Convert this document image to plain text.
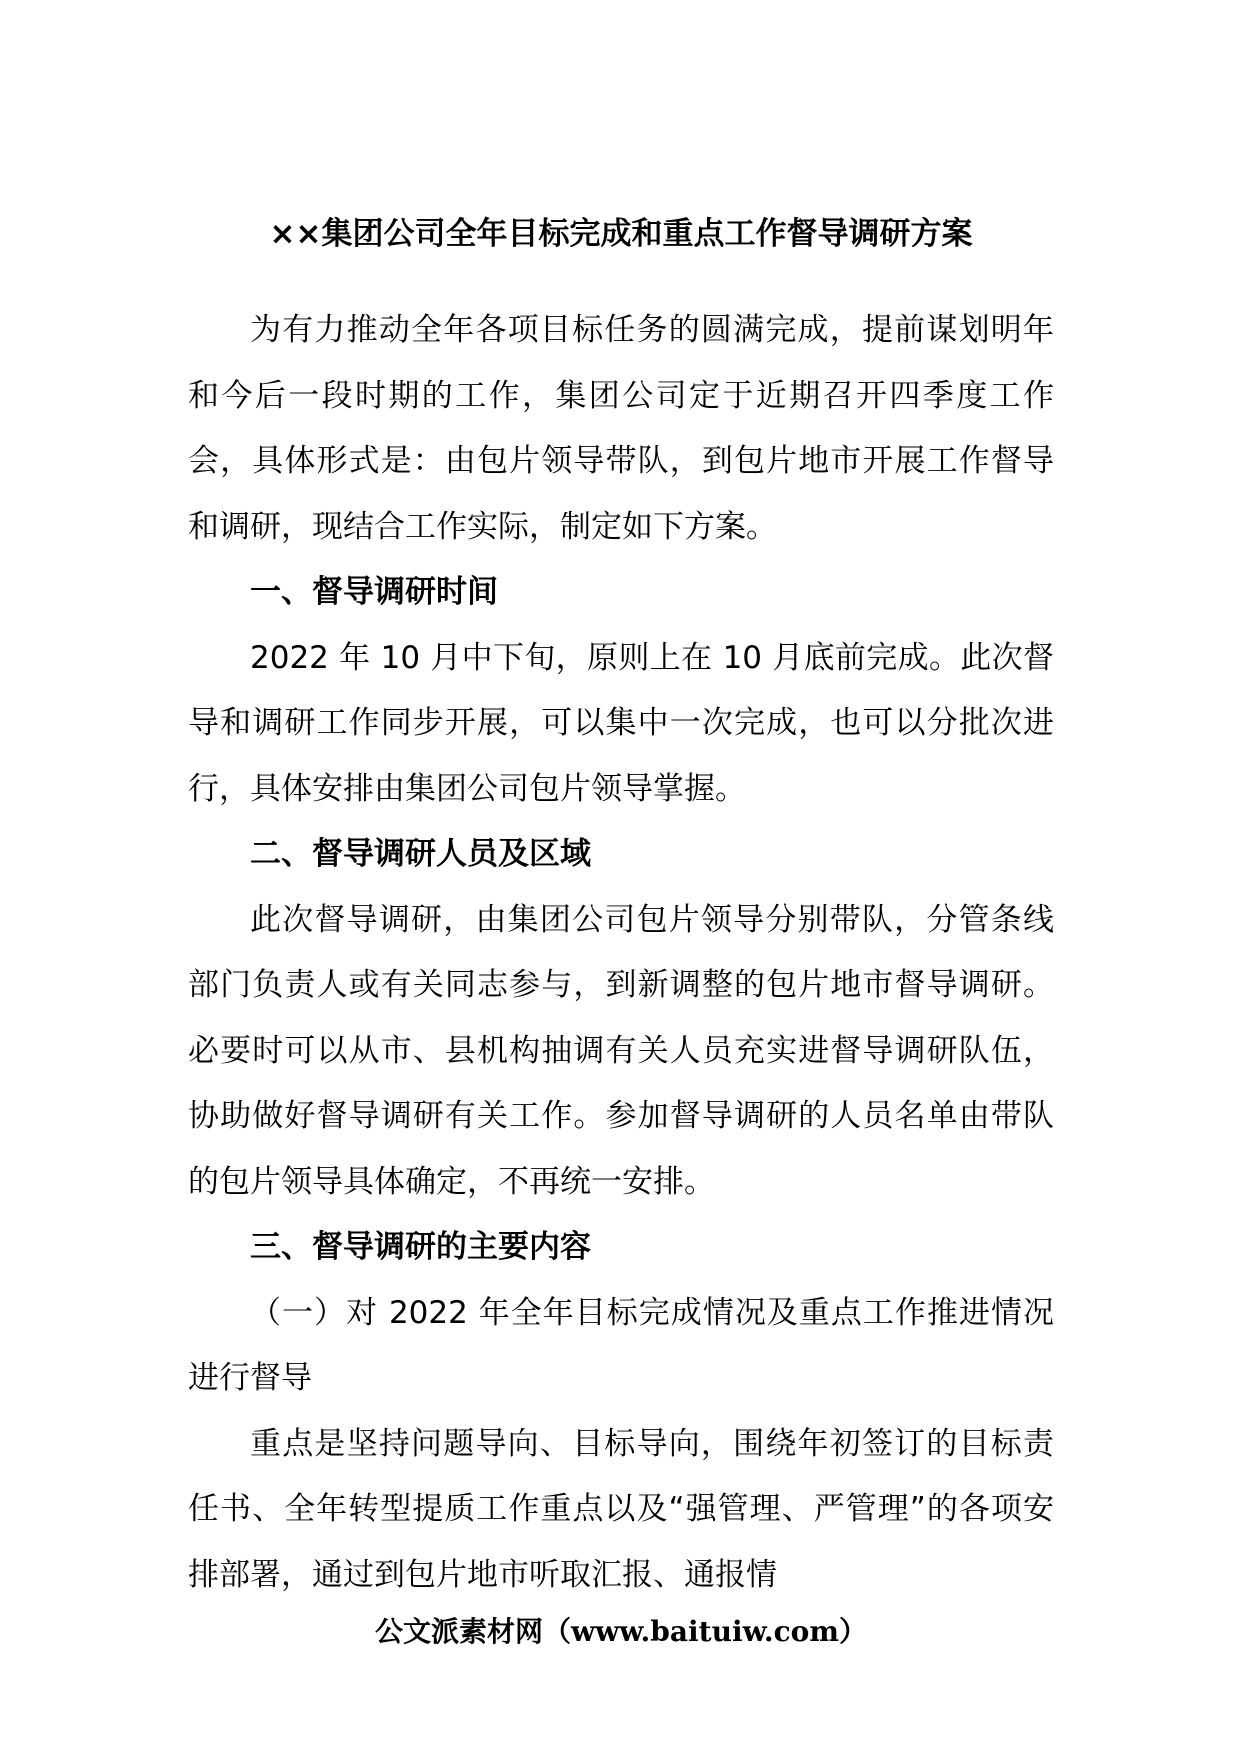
××集团公司全年目标完成和重点工作督导调研方案

为有力推动全年各项目标任务的圆满完成，提前谋划明年和今后一段时期的工作，集团公司定于近期召开四季度工作会，具体形式是：由包片领导带队，到包片地市开展工作督导和调研，现结合工作实际，制定如下方案。

一、督导调研时间

2022 年 10 月中下旬，原则上在 10 月底前完成。此次督导和调研工作同步开展，可以集中一次完成，也可以分批次进行，具体安排由集团公司包片领导掌握。

二、督导调研人员及区域

此次督导调研，由集团公司包片领导分别带队，分管条线部门负责人或有关同志参与，到新调整的包片地市督导调研。必要时可以从市、县机构抽调有关人员充实进督导调研队伍，协助做好督导调研有关工作。参加督导调研的人员名单由带队的包片领导具体确定，不再统一安排。

三、督导调研的主要内容

（一）对 2022 年全年目标完成情况及重点工作推进情况进行督导

重点是坚持问题导向、目标导向，围绕年初签订的目标责任书、全年转型提质工作重点以及“强管理、严管理”的各项安排部署，通过到包片地市听取汇报、通报情

公文派素材网（www.baituiw.com）
